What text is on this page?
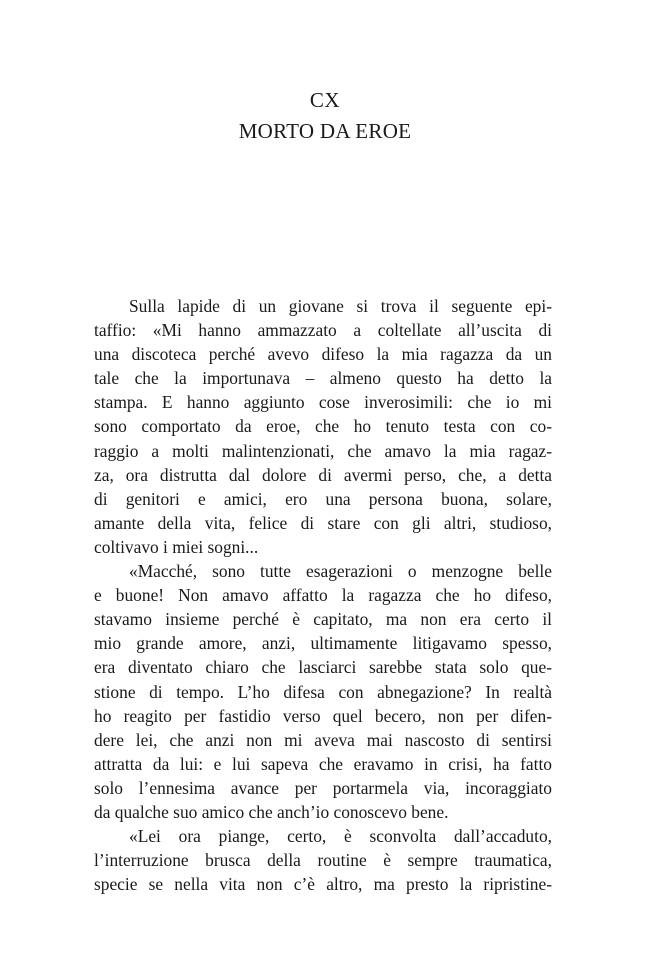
CX
MORTO DA EROE
Sulla lapide di un giovane si trova il seguente epi-
taffio: «Mi hanno ammazzato a coltellate all’uscita di
una discoteca perché avevo difeso la mia ragazza da un
tale che la importunava – almeno questo ha detto la
stampa. E hanno aggiunto cose inverosimili: che io mi
sono comportato da eroe, che ho tenuto testa con co-
raggio a molti malintenzionati, che amavo la mia ragaz-
za, ora distrutta dal dolore di avermi perso, che, a detta
di genitori e amici, ero una persona buona, solare,
amante della vita, felice di stare con gli altri, studioso,
coltivavo i miei sogni...
«Macché, sono tutte esagerazioni o menzogne belle
e buone! Non amavo affatto la ragazza che ho difeso,
stavamo insieme perché è capitato, ma non era certo il
mio grande amore, anzi, ultimamente litigavamo spesso,
era diventato chiaro che lasciarci sarebbe stata solo que-
stione di tempo. L’ho difesa con abnegazione? In realtà
ho reagito per fastidio verso quel becero, non per difen-
dere lei, che anzi non mi aveva mai nascosto di sentirsi
attratta da lui: e lui sapeva che eravamo in crisi, ha fatto
solo l’ennesima avance per portarmela via, incoraggiato
da qualche suo amico che anch’io conoscevo bene.
«Lei ora piange, certo, è sconvolta dall’accaduto,
l’interruzione brusca della routine è sempre traumatica,
specie se nella vita non c’è altro, ma presto la ripristine-
